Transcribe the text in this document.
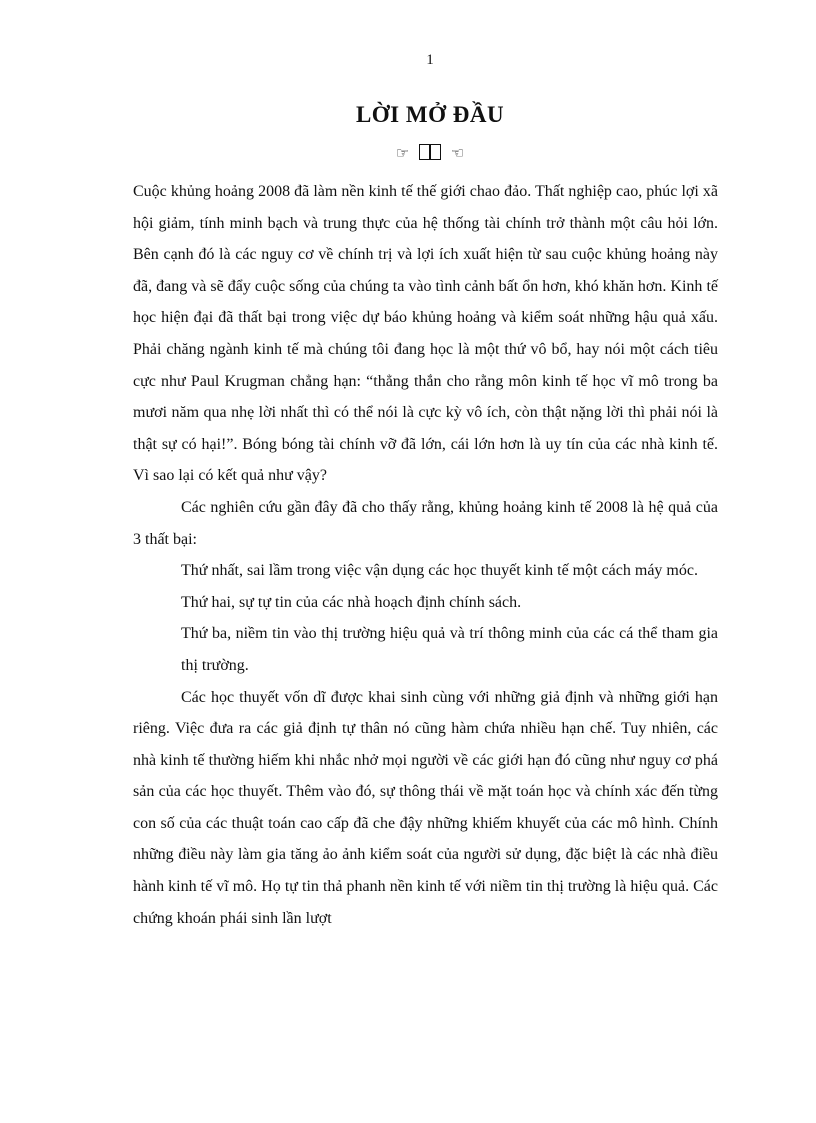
1
LỜI MỞ ĐẦU
☞	☜

Cuộc khủng hoảng 2008 đã làm nền kinh tế thế giới chao đảo. Thất nghiệp cao, phúc lợi xã hội giảm, tính minh bạch và trung thực của hệ thống tài chính trở thành một câu hỏi lớn. Bên cạnh đó là các nguy cơ về chính trị và lợi ích xuất hiện từ sau cuộc khủng hoảng này đã, đang và sẽ đẩy cuộc sống của chúng ta vào tình cảnh bất ổn hơn, khó khăn hơn. Kinh tế học hiện đại đã thất bại trong việc dự báo khủng hoảng và kiểm soát những hậu quả xấu. Phải chăng ngành kinh tế mà chúng tôi đang học là một thứ vô bổ, hay nói một cách tiêu cực như Paul Krugman chẳng hạn: “thẳng thắn cho rằng môn kinh tế học vĩ mô trong ba mươi năm qua nhẹ lời nhất thì có thể nói là cực kỳ vô ích, còn thật nặng lời thì phải nói là thật sự có hại!”. Bóng bóng tài chính vỡ đã lớn, cái lớn hơn là uy tín của các nhà kinh tế. Vì sao lại có kết quả như vậy?

Các nghiên cứu gần đây đã cho thấy rằng, khủng hoảng kinh tế 2008 là hệ quả của 3 thất bại:

Thứ nhất, sai lầm trong việc vận dụng các học thuyết kinh tế một cách máy móc.

Thứ hai, sự tự tin của các nhà hoạch định chính sách.

Thứ ba, niềm tin vào thị trường hiệu quả và trí thông minh của các cá thể tham gia thị trường.

Các học thuyết vốn dĩ được khai sinh cùng với những giả định và những giới hạn riêng. Việc đưa ra các giả định tự thân nó cũng hàm chứa nhiều hạn chế. Tuy nhiên, các nhà kinh tế thường hiếm khi nhắc nhở mọi người về các giới hạn đó cũng như nguy cơ phá sản của các học thuyết. Thêm vào đó, sự thông thái về mặt toán học và chính xác đến từng con số của các thuật toán cao cấp đã che đậy những khiếm khuyết của các mô hình. Chính những điều này làm gia tăng ảo ảnh kiểm soát của người sử dụng, đặc biệt là các nhà điều hành kinh tế vĩ mô. Họ tự tin thả phanh nền kinh tế với niềm tin thị trường là hiệu quả. Các chứng khoán phái sinh lần lượt
